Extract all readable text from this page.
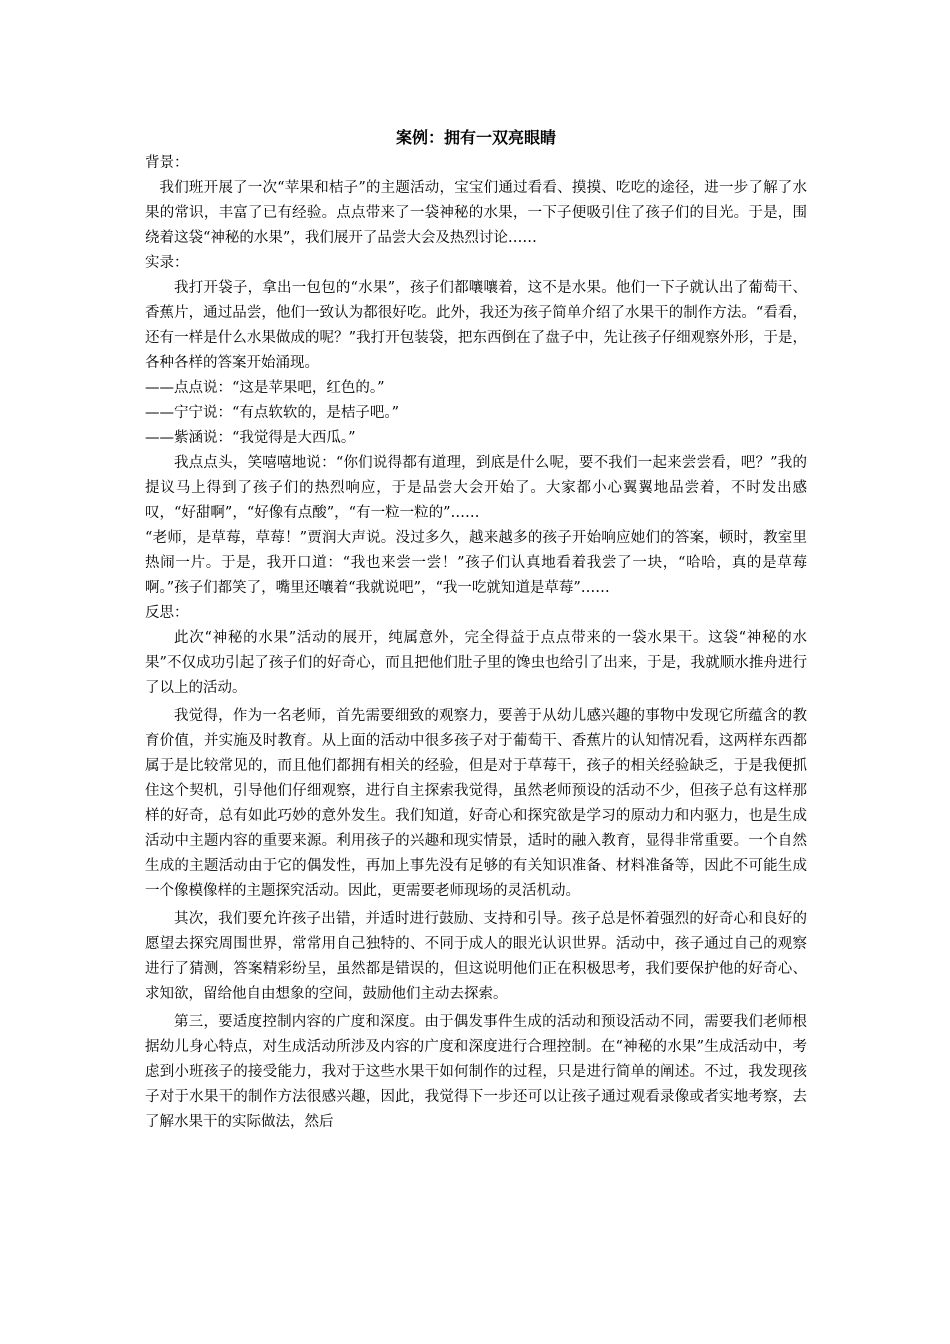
案例：拥有一双亮眼睛
背景：

我们班开展了一次“苹果和桔子”的主题活动，宝宝们通过看看、摸摸、吃吃的途径，进一步了解了水果的常识，丰富了已有经验。点点带来了一袋神秘的水果，一下子便吸引住了孩子们的目光。于是，围绕着这袋“神秘的水果”，我们展开了品尝大会及热烈讨论……

实录：

我打开袋子，拿出一包包的“水果”，孩子们都嚷嚷着，这不是水果。他们一下子就认出了葡萄干、香蕉片，通过品尝，他们一致认为都很好吃。此外，我还为孩子简单介绍了水果干的制作方法。“看看，还有一样是什么水果做成的呢？”我打开包装袋，把东西倒在了盘子中，先让孩子仔细观察外形，于是，各种各样的答案开始涌现。

——点点说：“这是苹果吧，红色的。”
——宁宁说：“有点软软的，是桔子吧。”
——紫涵说：“我觉得是大西瓜。”

我点点头，笑嘻嘻地说：“你们说得都有道理，到底是什么呢，要不我们一起来尝尝看，吧？”我的提议马上得到了孩子们的热烈响应，于是品尝大会开始了。大家都小心翼翼地品尝着，不时发出感叹，“好甜啊”，“好像有点酸”，“有一粒一粒的”……

“老师，是草莓，草莓！”贾润大声说。没过多久，越来越多的孩子开始响应她们的答案，顿时，教室里热闹一片。于是，我开口道：“我也来尝一尝！”孩子们认真地看着我尝了一块，“哈哈，真的是草莓啊。”孩子们都笑了，嘴里还嚷着“我就说吧”，“我一吃就知道是草莓”……

反思：

此次“神秘的水果”活动的展开，纯属意外，完全得益于点点带来的一袋水果干。这袋“神秘的水果”不仅成功引起了孩子们的好奇心，而且把他们肚子里的馋虫也给引了出来，于是，我就顺水推舟进行了以上的活动。

我觉得，作为一名老师，首先需要细致的观察力，要善于从幼儿感兴趣的事物中发现它所蕴含的教育价值，并实施及时教育。从上面的活动中很多孩子对于葡萄干、香蕉片的认知情况看，这两样东西都属于是比较常见的，而且他们都拥有相关的经验，但是对于草莓干，孩子的相关经验缺乏，于是我便抓住这个契机，引导他们仔细观察，进行自主探索我觉得，虽然老师预设的活动不少，但孩子总有这样那样的好奇，总有如此巧妙的意外发生。我们知道，好奇心和探究欲是学习的原动力和内驱力，也是生成活动中主题内容的重要来源。利用孩子的兴趣和现实情景，适时的融入教育，显得非常重要。一个自然生成的主题活动由于它的偶发性，再加上事先没有足够的有关知识准备、材料准备等，因此不可能生成一个像模像样的主题探究活动。因此，更需要老师现场的灵活机动。

其次，我们要允许孩子出错，并适时进行鼓励、支持和引导。孩子总是怀着强烈的好奇心和良好的愿望去探究周围世界，常常用自己独特的、不同于成人的眼光认识世界。活动中，孩子通过自己的观察进行了猜测，答案精彩纷呈，虽然都是错误的，但这说明他们正在积极思考，我们要保护他的好奇心、求知欲，留给他自由想象的空间，鼓励他们主动去探索。

第三，要适度控制内容的广度和深度。由于偶发事件生成的活动和预设活动不同，需要我们老师根据幼儿身心特点，对生成活动所涉及内容的广度和深度进行合理控制。在“神秘的水果”生成活动中，考虑到小班孩子的接受能力，我对于这些水果干如何制作的过程，只是进行简单的阐述。不过，我发现孩子对于水果干的制作方法很感兴趣，因此，我觉得下一步还可以让孩子通过观看录像或者实地考察，去了解水果干的实际做法，然后
